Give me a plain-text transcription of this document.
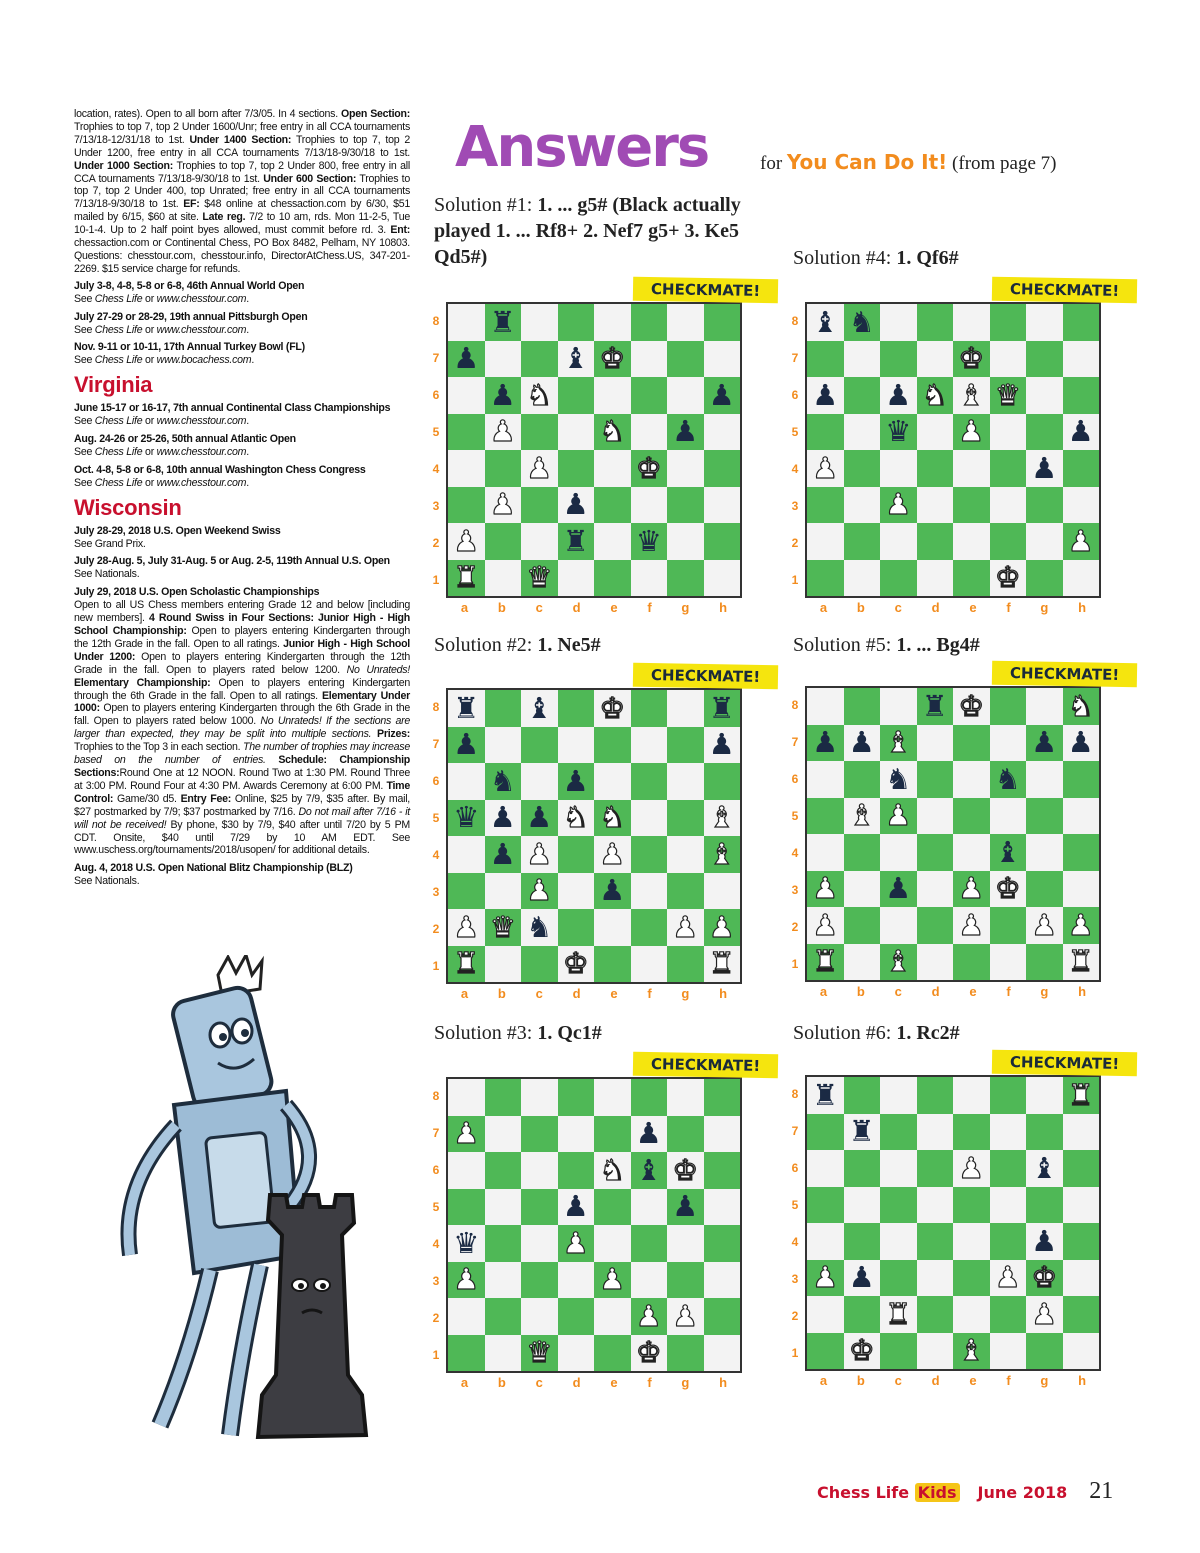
location, rates). Open to all born after 7/3/05. In 4 sections. Open Section: Trophies to top 7, top 2 Under 1600/Unr; free entry in all CCA tournaments 7/13/18-12/31/18 to 1st. Under 1400 Section: Trophies to top 7, top 2 Under 1200, free entry in all CCA tournaments 7/13/18-9/30/18 to 1st. Under 1000 Section: Trophies to top 7, top 2 Under 800, free entry in all CCA tournaments 7/13/18-9/30/18 to 1st. Under 600 Section: Trophies to top 7, top 2 Under 400, top Unrated; free entry in all CCA tournaments 7/13/18-9/30/18 to 1st. EF: $48 online at chessaction.com by 6/30, $51 mailed by 6/15, $60 at site. Late reg. 7/2 to 10 am, rds. Mon 11-2-5, Tue 10-1-4. Up to 2 half point byes allowed, must commit before rd. 3. Ent: chessaction.com or Continental Chess, PO Box 8482, Pelham, NY 10803. Questions: chesstour.com, chesstour.info, DirectorAtChess.US, 347-201-2269. $15 service charge for refunds.

July 3-8, 4-8, 5-8 or 6-8, 46th Annual World Open
See Chess Life or www.chesstour.com.
July 27-29 or 28-29, 19th annual Pittsburgh Open
See Chess Life or www.chesstour.com.
Nov. 9-11 or 10-11, 17th Annual Turkey Bowl (FL)
See Chess Life or www.bocachess.com.
Virginia
June 15-17 or 16-17, 7th annual Continental Class Championships
See Chess Life or www.chesstour.com.
Aug. 24-26 or 25-26, 50th annual Atlantic Open
See Chess Life or www.chesstour.com.
Oct. 4-8, 5-8 or 6-8, 10th annual Washington Chess Congress
See Chess Life or www.chesstour.com.
Wisconsin
July 28-29, 2018 U.S. Open Weekend Swiss
See Grand Prix.
July 28-Aug. 5, July 31-Aug. 5 or Aug. 2-5, 119th Annual U.S. Open
See Nationals.
July 29, 2018 U.S. Open Scholastic Championships
Open to all US Chess members entering Grade 12 and below [including new members]. 4 Round Swiss in Four Sections: Junior High - High School Championship: Open to players entering Kindergarten through the 12th Grade in the fall. Open to all ratings. Junior High - High School Under 1200: Open to players entering Kindergarten through the 12th Grade in the fall. Open to players rated below 1200. No Unrateds! Elementary Championship: Open to players entering Kindergarten through the 6th Grade in the fall. Open to all ratings. Elementary Under 1000: Open to players entering Kindergarten through the 6th Grade in the fall. Open to players rated below 1000. No Unrateds! If the sections are larger than expected, they may be split into multiple sections. Prizes: Trophies to the Top 3 in each section. The number of trophies may increase based on the number of entries. Schedule: Championship Sections:Round One at 12 NOON. Round Two at 1:30 PM. Round Three at 3:00 PM. Round Four at 4:30 PM. Awards Ceremony at 6:00 PM. Time Control: Game/30 d5. Entry Fee: Online, $25 by 7/9, $35 after. By mail, $27 postmarked by 7/9; $37 postmarked by 7/16. Do not mail after 7/16 - it will not be received! By phone, $30 by 7/9, $40 after until 7/20 by 5 PM CDT. Onsite, $40 until 7/29 by 10 AM EDT. See www.uschess.org/tournaments/2018/usopen/ for additional details.
Aug. 4, 2018 U.S. Open National Blitz Championship (BLZ)
See Nationals.
Answers	for You Can Do It! (from page 7)
Solution #1: 1. ... g5# (Black actually played 1. ... Rf8+ 2. Nef7 g5+ 3. Ke5 Qd5#)
Solution #2: 1. Ne5#
Solution #3: 1. Qc1#
Solution #4: 1. Qf6#
Solution #5: 1. ... Bg4#
Solution #6: 1. Rc2#
CHECKMATE!
8
7
6
5
4
3
2
1
♜
♟	♝ ♚
♟ ♞	♟
♟	♞ ♟
♟	♚
♟ ♟
♟	♜ ♛
♜ ♛
a b c d e f g h
CHECKMATE!
8
7
6
5
4
3
2
1
♜ ♝ ♚	♜
♟	♟
♞ ♟
♛ ♟ ♟ ♞ ♞	♝
♟ ♟ ♟	♝
♟ ♟
♟ ♛ ♞	♟ ♟
♜	♚	♜
a b c d e f g h
CHECKMATE!
8
7
6
5
4
3
2
1
♟	♟
♞ ♝ ♚
♟	♟
♛	♟
♟	♟
♟ ♟
♛	♚
a b c d e f g h
CHECKMATE!
8
7
6
5
4
3
2
1
♝ ♞
♚
♟ ♟ ♞ ♝ ♛
♛ ♟	♟
♟	♟
♟
♟
♚
a b c d e f g h
CHECKMATE!
8
7
6
5
4
3
2
1
♜ ♚	♞
♟ ♟ ♝	♟ ♟
♞	♞
♝ ♟
♝
♟ ♟ ♟ ♚
♟	♟ ♟ ♟
♜ ♝	♜
a b c d e f g h
CHECKMATE!
8
7
6
5
4
3
2
1
♜	♜
♜
♟ ♝
♟
♟ ♟	♟ ♚
♜	♟
♚	♝
a b c d e f g h
Chess Life Kids June 2018 21
